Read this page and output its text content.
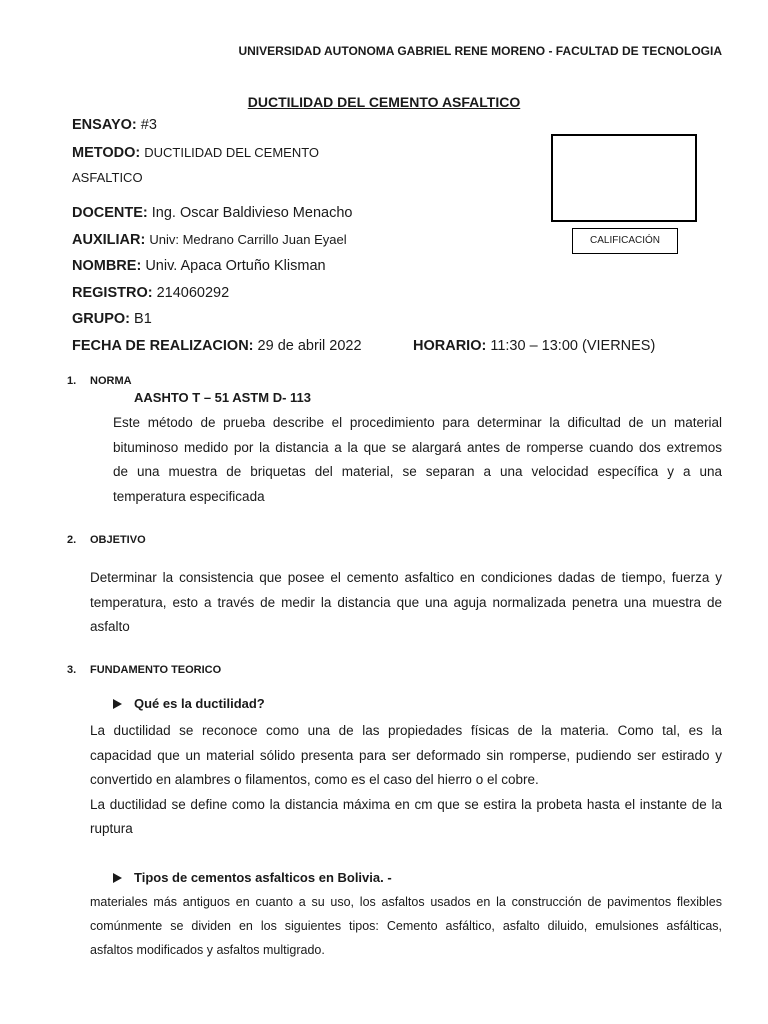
UNIVERSIDAD AUTONOMA GABRIEL RENE MORENO - FACULTAD DE TECNOLOGIA
DUCTILIDAD DEL CEMENTO ASFALTICO
ENSAYO: #3
METODO: DUCTILIDAD DEL CEMENTO
ASFALTICO
DOCENTE: Ing. Oscar Baldivieso Menacho
AUXILIAR: Univ: Medrano Carrillo Juan Eyael
NOMBRE: Univ. Apaca Ortuño Klisman
REGISTRO: 214060292
GRUPO: B1
FECHA DE REALIZACION: 29 de abril 2022	HORARIO: 11:30 – 13:00 (VIERNES)
CALIFICACIÓN
1. NORMA
AASHTO T – 51 ASTM D- 113
Este método de prueba describe el procedimiento para determinar la dificultad de un material
bituminoso medido por la distancia a la que se alargará antes de romperse cuando dos extremos
de una muestra de briquetas del material, se separan a una velocidad específica y a una
temperatura especificada
2. OBJETIVO
Determinar la consistencia que posee el cemento asfaltico en condiciones dadas de tiempo, fuerza y
temperatura, esto a través de medir la distancia que una aguja normalizada penetra una muestra de
asfalto
3. FUNDAMENTO TEORICO
Qué es la ductilidad?
La ductilidad se reconoce como una de las propiedades físicas de la materia. Como tal, es la
capacidad que un material sólido presenta para ser deformado sin romperse, pudiendo ser estirado y
convertido en alambres o filamentos, como es el caso del hierro o el cobre.
La ductilidad se define como la distancia máxima en cm que se estira la probeta hasta el instante de la
ruptura
Tipos de cementos asfalticos en Bolivia. -
materiales más antiguos en cuanto a su uso, los asfaltos usados en la construcción de pavimentos flexibles
comúnmente se dividen en los siguientes tipos: Cemento asfáltico, asfalto diluido, emulsiones asfálticas,
asfaltos modificados y asfaltos multigrado.
